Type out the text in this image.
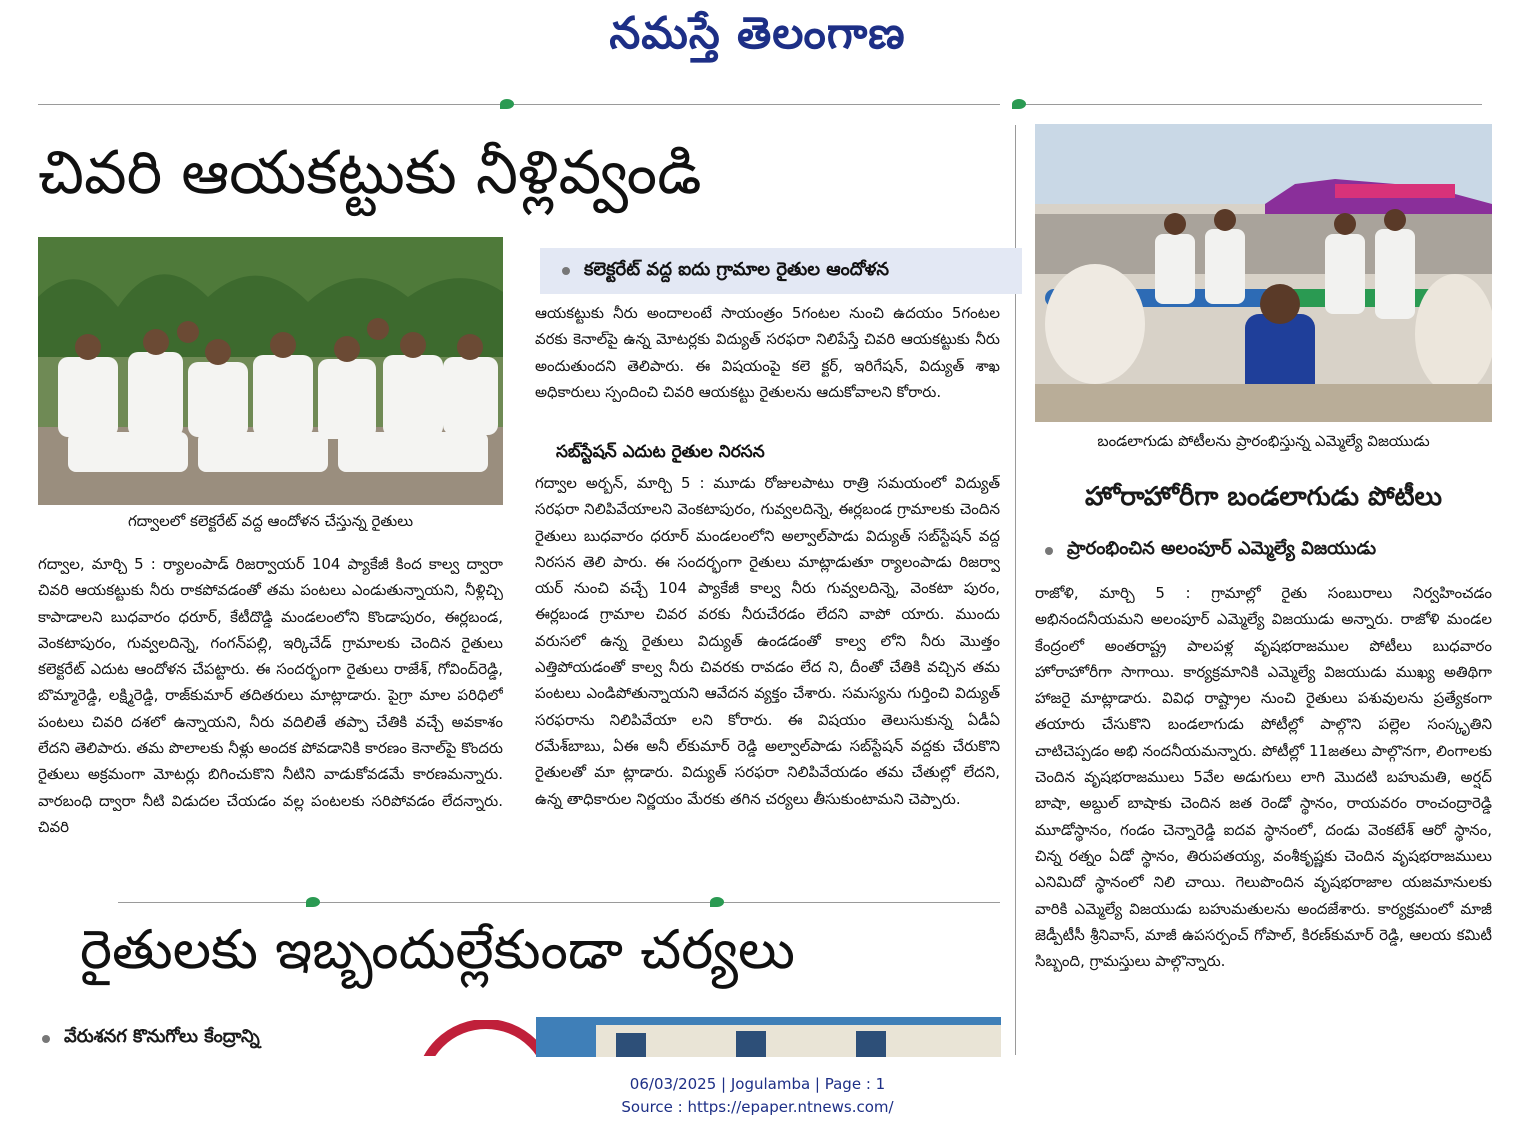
నమస్తే తెలంగాణ
చివరి ఆయకట్టుకు నీళ్లివ్వండి
గద్వాలలో కలెక్టరేట్ వద్ద ఆందోళన చేస్తున్న రైతులు
కలెక్టరేట్ వద్ద ఐదు గ్రామాల రైతుల ఆందోళన
ఆయకట్టుకు నీరు అందాలంటే సాయంత్రం 5గంటల నుంచి ఉదయం 5గంటల వరకు కెనాల్‌పై ఉన్న మోటర్లకు విద్యుత్ సరఫరా నిలిపేస్తే చివరి ఆయకట్టుకు నీరు అందుతుందని తెలిపారు. ఈ విషయంపై కలె క్టర్, ఇరిగేషన్, విద్యుత్ శాఖ అధికారులు స్పందించి చివరి ఆయకట్టు రైతులను ఆదుకోవాలని కోరారు.
సబ్‌స్టేషన్ ఎదుట రైతుల నిరసన
గద్వాల అర్బన్, మార్చి 5 : మూడు రోజులపాటు రాత్రి సమయంలో విద్యుత్ సరఫరా నిలిపివేయాలని వెంకటాపురం, గువ్వలదిన్నె, ఈర్లబండ గ్రామాలకు చెందిన రైతులు బుధవారం ధరూర్ మండలంలోని అల్వాల్‌పాడు విద్యుత్ సబ్‌స్టేషన్ వద్ద నిరసన తెలి పారు. ఈ సందర్భంగా రైతులు మాట్లాడుతూ ర్యాలంపాడు రిజర్వా యర్ నుంచి వచ్చే 104 ప్యాకేజీ కాల్వ నీరు గువ్వలదిన్నె, వెంకటా పురం, ఈర్లబండ గ్రామాల చివర వరకు నీరుచేరడం లేదని వాపో యారు. ముందు వరుసలో ఉన్న రైతులు విద్యుత్ ఉండడంతో కాల్వ లోని నీరు మొత్తం ఎత్తిపోయడంతో కాల్వ నీరు చివరకు రావడం లేద ని, దీంతో చేతికి వచ్చిన తమ పంటలు ఎండిపోతున్నాయని ఆవేదన వ్యక్తం చేశారు. సమస్యను గుర్తించి విద్యుత్ సరఫరాను నిలిపివేయా లని కోరారు. ఈ విషయం తెలుసుకున్న ఏడీఏ రమేశ్‌బాబు, ఏఈ అనీ ల్‌కుమార్ రెడ్డి అల్వాల్‌పాడు సబ్‌స్టేషన్ వద్దకు చేరుకొని రైతులతో మా ట్లాడారు. విద్యుత్ సరఫరా నిలిపివేయడం తమ చేతుల్లో లేదని, ఉన్న తాధికారుల నిర్ణయం మేరకు తగిన చర్యలు తీసుకుంటామని చెప్పారు.
గద్వాల, మార్చి 5 : ర్యాలంపాడ్ రిజర్వాయర్ 104 ప్యాకేజీ కింద కాల్వ ద్వారా చివరి ఆయకట్టుకు నీరు రాకపోవడంతో తమ పంటలు ఎండుతున్నాయని, నీళ్లిచ్చి కాపాడాలని బుధవారం ధరూర్, కేటీదొడ్డి మండలంలోని కొండాపురం, ఈర్లబండ, వెంకటాపురం, గువ్వలదిన్నె, గంగన్‌పల్లి, ఇర్కిచేడ్ గ్రామాలకు చెందిన రైతులు కలెక్టరేట్ ఎదుట ఆందోళన చేపట్టారు. ఈ సందర్భంగా రైతులు రాజేశ్, గోవింద్‌రెడ్డి, బొమ్మారెడ్డి, లక్ష్మిరెడ్డి, రాజ్‌కుమార్ తదితరులు మాట్లాడారు. పైగ్రా మాల పరిధిలో పంటలు చివరి దశలో ఉన్నాయని, నీరు వదిలితే తప్పా చేతికి వచ్చే అవకాశం లేదని తెలిపారు. తమ పొలాలకు నీళ్లు అందక పోవడానికి కారణం కెనాల్‌పై కొందరు రైతులు అక్రమంగా మోటర్లు బిగించుకొని నీటిని వాడుకోవడమే కారణమన్నారు. వారబంధి ద్వారా నీటి విడుదల చేయడం వల్ల పంటలకు సరిపోవడం లేదన్నారు. చివరి
బండలాగుడు పోటీలను ప్రారంభిస్తున్న ఎమ్మెల్యే విజయుడు
హోరాహోరీగా బండలాగుడు పోటీలు
ప్రారంభించిన అలంపూర్ ఎమ్మెల్యే విజయుడు
రాజోళి, మార్చి 5 : గ్రామాల్లో రైతు సంబురాలు నిర్వహించడం అభినందనీయమని అలంపూర్ ఎమ్మెల్యే విజయుడు అన్నారు. రాజోళి మండల కేంద్రంలో అంతరాష్ట్ర పాలపళ్ల వృషభరాజముల పోటీలు బుధవారం హోరాహోరీగా సాగాయి. కార్యక్రమానికి ఎమ్మెల్యే విజయుడు ముఖ్య అతిథిగా హాజరై మాట్లాడారు. వివిధ రాష్ట్రాల నుంచి రైతులు పశువులను ప్రత్యేకంగా తయారు చేసుకొని బండలాగుడు పోటీల్లో పాల్గొని పల్లెల సంస్కృతిని చాటిచెప్పడం అభి నందనీయమన్నారు. పోటీల్లో 11జతలు పాల్గొనగా, లింగాలకు చెందిన వృషభరాజములు 5వేల అడుగులు లాగి మొదటి బహుమతి, అర్షద్ బాషా, అబ్దుల్ బాషాకు చెందిన జత రెండో స్థానం, రాయవరం రాంచంద్రారెడ్డి మూడోస్థానం, గండం చెన్నారెడ్డి ఐదవ స్థానంలో, దండు వెంకటేశ్ ఆరో స్థానం, చిన్న రత్నం ఏడో స్థానం, తిరుపతయ్య, వంశీకృష్ణకు చెందిన వృషభరాజములు ఎనిమిదో స్థానంలో నిలి చాయి. గెలుపొందిన వృషభరాజాల యజమానులకు వారికి ఎమ్మెల్యే విజయుడు బహుమతులను అందజేశారు. కార్యక్రమంలో మాజీ జెడ్పీటీసీ శ్రీనివాస్, మాజీ ఉపసర్పంచ్ గోపాల్, కిరణ్‌కుమార్ రెడ్డి, ఆలయ కమిటీ సిబ్బంది, గ్రామస్తులు పాల్గొన్నారు.
రైతులకు ఇబ్బందుల్లేకుండా చర్యలు
వేరుశనగ కొనుగోలు కేంద్రాన్ని
06/03/2025 | Jogulamba | Page : 1
Source : https://epaper.ntnews.com/
